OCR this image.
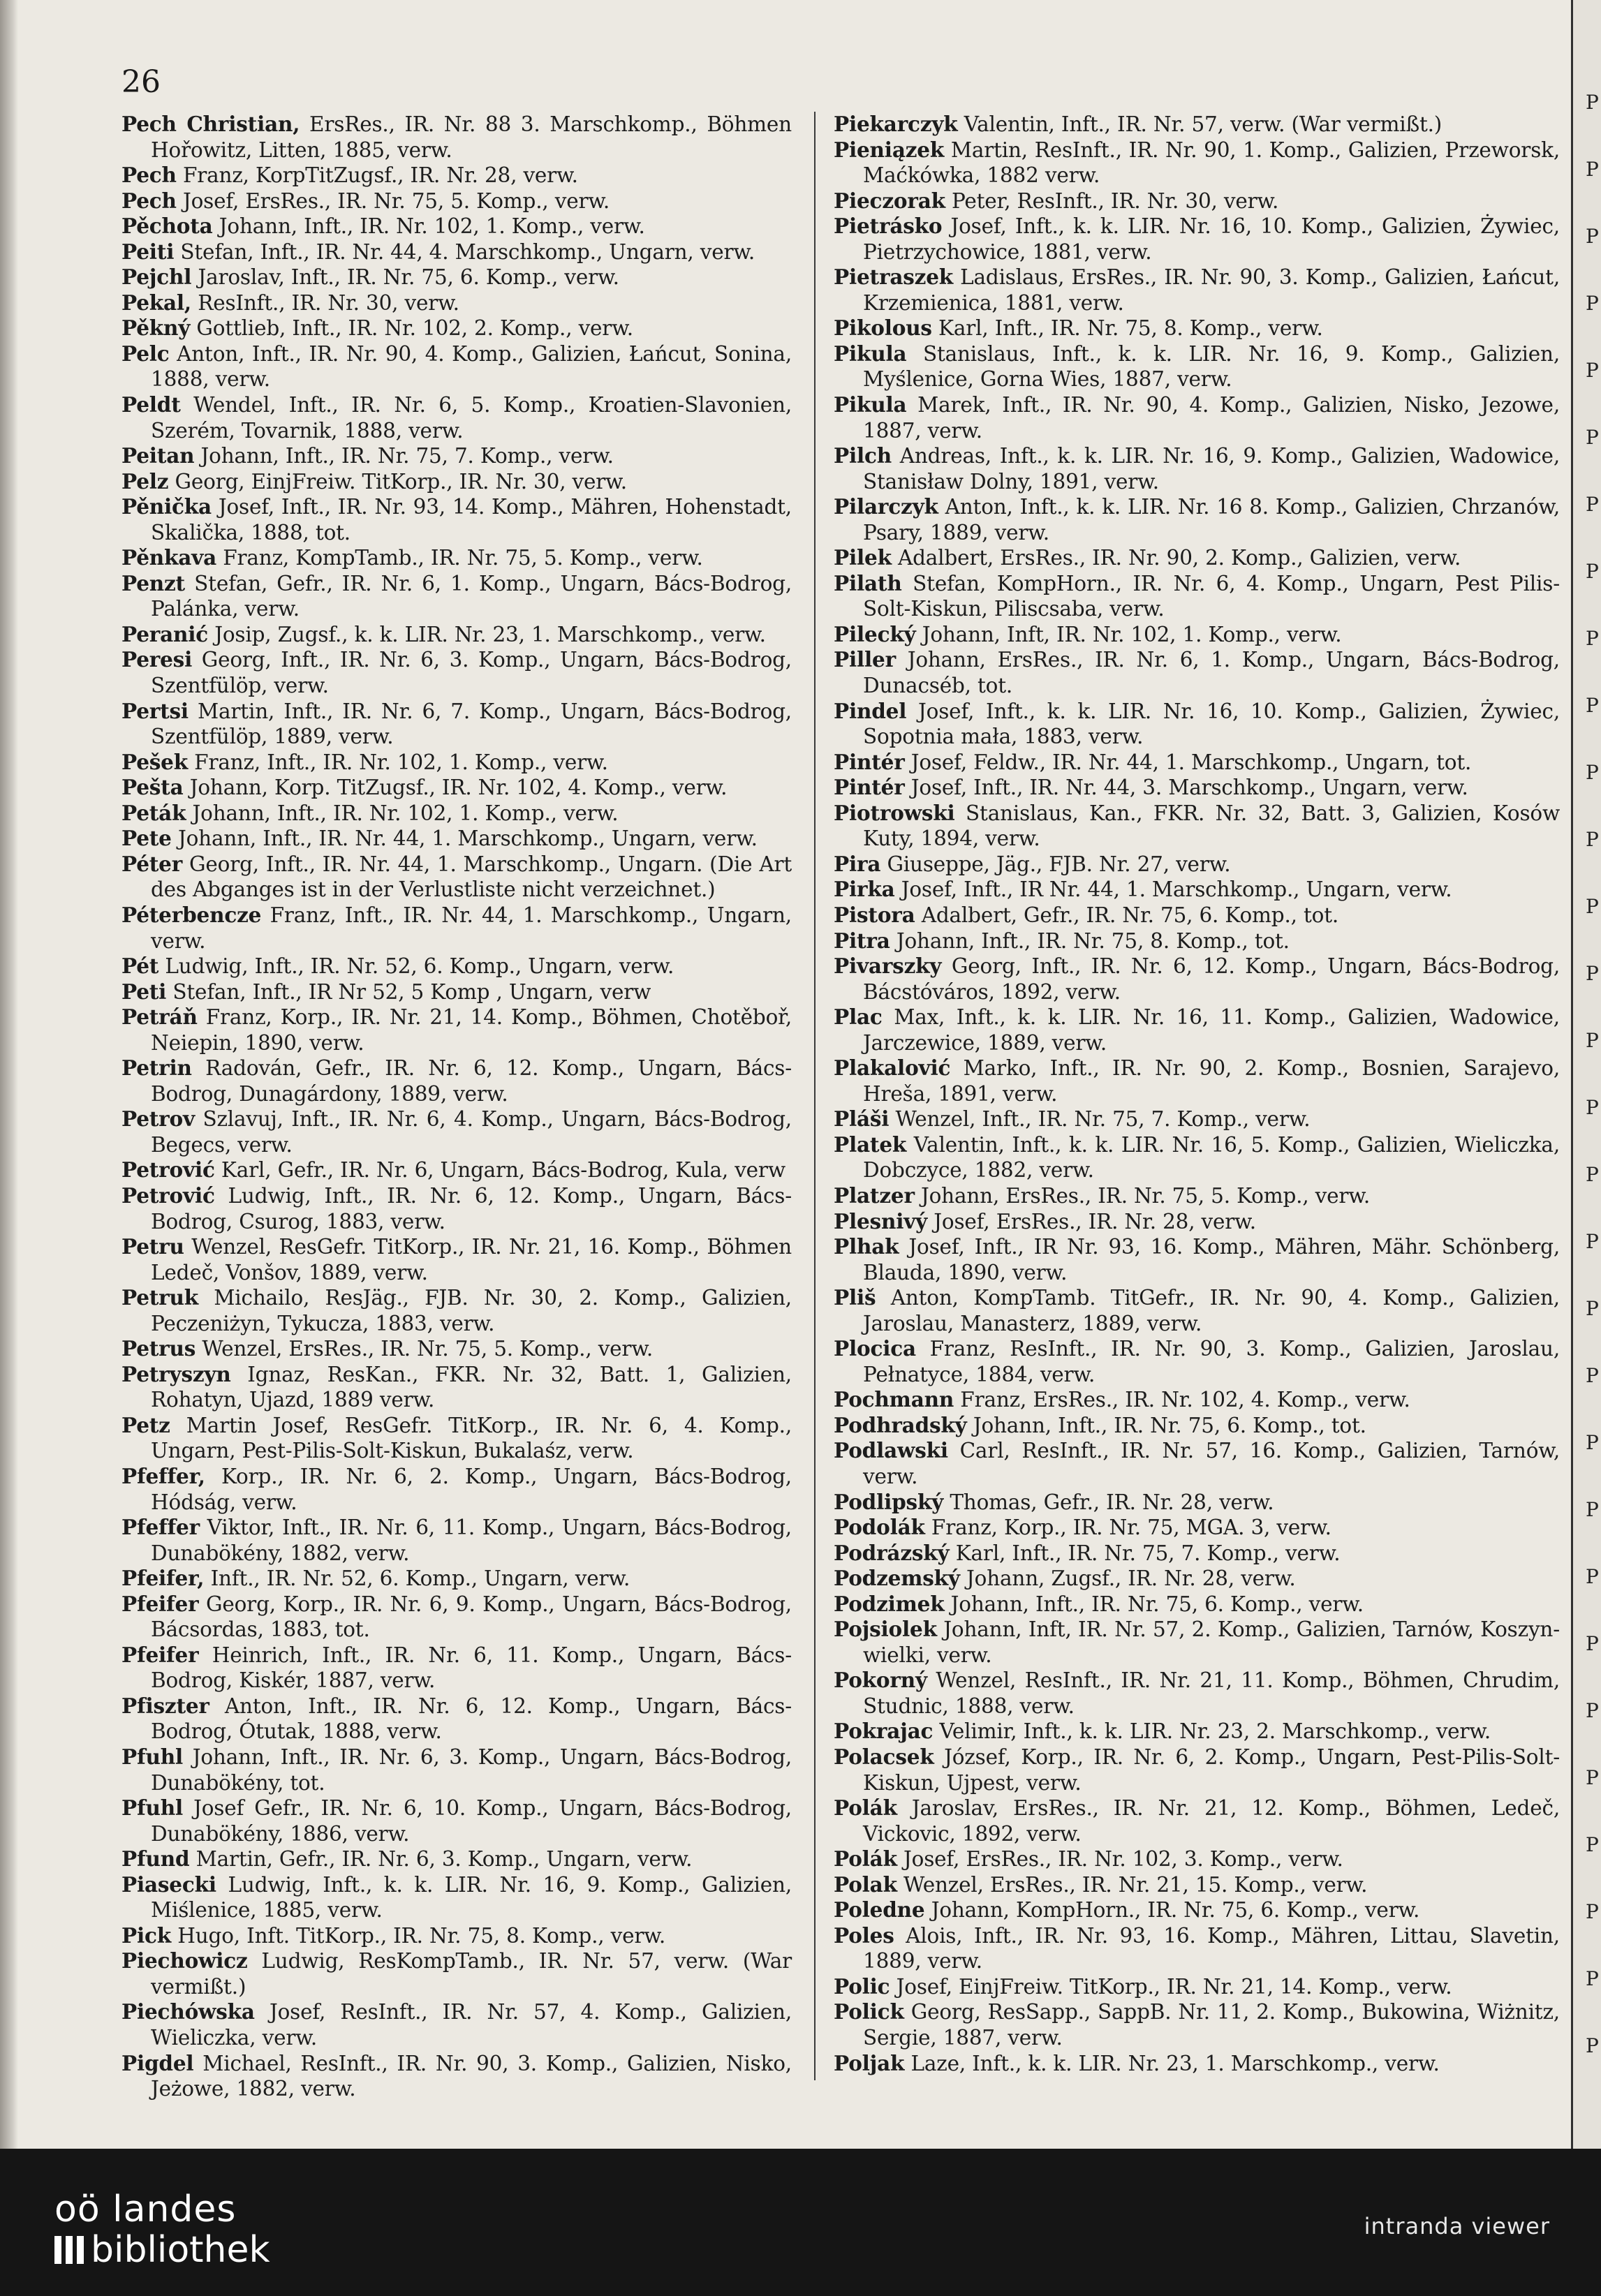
26
Pech Christian, ErsRes., IR. Nr. 88 3. Marschkomp., Böhmen Hořowitz, Litten, 1885, verw.
Pech Franz, KorpTitZugsf., IR. Nr. 28, verw.
Pech Josef, ErsRes., IR. Nr. 75, 5. Komp., verw.
Pěchota Johann, Inft., IR. Nr. 102, 1. Komp., verw.
Peiti Stefan, Inft., IR. Nr. 44, 4. Marschkomp., Ungarn, verw.
Pejchl Jaroslav, Inft., IR. Nr. 75, 6. Komp., verw.
Pekal, ResInft., IR. Nr. 30, verw.
Pěkný Gottlieb, Inft., IR. Nr. 102, 2. Komp., verw.
Pelc Anton, Inft., IR. Nr. 90, 4. Komp., Galizien, Łańcut, Sonina, 1888, verw.
Peldt Wendel, Inft., IR. Nr. 6, 5. Komp., Kroatien-Slavonien, Szerém, Tovarnik, 1888, verw.
Peitan Johann, Inft., IR. Nr. 75, 7. Komp., verw.
Pelz Georg, EinjFreiw. TitKorp., IR. Nr. 30, verw.
Pěnička Josef, Inft., IR. Nr. 93, 14. Komp., Mähren, Hohenstadt, Skalička, 1888, tot.
Pěnkava Franz, KompTamb., IR. Nr. 75, 5. Komp., verw.
Penzt Stefan, Gefr., IR. Nr. 6, 1. Komp., Ungarn, Bács-Bodrog, Palánka, verw.
Peranić Josip, Zugsf., k. k. LIR. Nr. 23, 1. Marschkomp., verw.
Peresi Georg, Inft., IR. Nr. 6, 3. Komp., Ungarn, Bács-Bodrog, Szentfülöp, verw.
Pertsi Martin, Inft., IR. Nr. 6, 7. Komp., Ungarn, Bács-Bodrog, Szentfülöp, 1889, verw.
Pešek Franz, Inft., IR. Nr. 102, 1. Komp., verw.
Pešta Johann, Korp. TitZugsf., IR. Nr. 102, 4. Komp., verw.
Peták Johann, Inft., IR. Nr. 102, 1. Komp., verw.
Pete Johann, Inft., IR. Nr. 44, 1. Marschkomp., Ungarn, verw.
Péter Georg, Inft., IR. Nr. 44, 1. Marschkomp., Ungarn. (Die Art des Abganges ist in der Verlustliste nicht verzeichnet.)
Péterbencze Franz, Inft., IR. Nr. 44, 1. Marschkomp., Ungarn, verw.
Pét Ludwig, Inft., IR. Nr. 52, 6. Komp., Ungarn, verw.
Peti Stefan, Inft., IR Nr 52, 5 Komp , Ungarn, verw
Petráň Franz, Korp., IR. Nr. 21, 14. Komp., Böhmen, Chotěboř, Neiepin, 1890, verw.
Petrin Radován, Gefr., IR. Nr. 6, 12. Komp., Ungarn, Bács-Bodrog, Dunagárdony, 1889, verw.
Petrov Szlavuj, Inft., IR. Nr. 6, 4. Komp., Ungarn, Bács-Bodrog, Begecs, verw.
Petrović Karl, Gefr., IR. Nr. 6, Ungarn, Bács-Bodrog, Kula, verw
Petrović Ludwig, Inft., IR. Nr. 6, 12. Komp., Ungarn, Bács-Bodrog, Csurog, 1883, verw.
Petru Wenzel, ResGefr. TitKorp., IR. Nr. 21, 16. Komp., Böhmen Ledeč, Vonšov, 1889, verw.
Petruk Michailo, ResJäg., FJB. Nr. 30, 2. Komp., Galizien, Peczeniżyn, Tykucza, 1883, verw.
Petrus Wenzel, ErsRes., IR. Nr. 75, 5. Komp., verw.
Petryszyn Ignaz, ResKan., FKR. Nr. 32, Batt. 1, Galizien, Rohatyn, Ujazd, 1889 verw.
Petz Martin Josef, ResGefr. TitKorp., IR. Nr. 6, 4. Komp., Ungarn, Pest-Pilis-Solt-Kiskun, Bukalaśz, verw.
Pfeffer, Korp., IR. Nr. 6, 2. Komp., Ungarn, Bács-Bodrog, Hódság, verw.
Pfeffer Viktor, Inft., IR. Nr. 6, 11. Komp., Ungarn, Bács-Bodrog, Dunabökény, 1882, verw.
Pfeifer, Inft., IR. Nr. 52, 6. Komp., Ungarn, verw.
Pfeifer Georg, Korp., IR. Nr. 6, 9. Komp., Ungarn, Bács-Bodrog, Bácsordas, 1883, tot.
Pfeifer Heinrich, Inft., IR. Nr. 6, 11. Komp., Ungarn, Bács-Bodrog, Kiskér, 1887, verw.
Pfiszter Anton, Inft., IR. Nr. 6, 12. Komp., Ungarn, Bács-Bodrog, Ótutak, 1888, verw.
Pfuhl Johann, Inft., IR. Nr. 6, 3. Komp., Ungarn, Bács-Bodrog, Dunabökény, tot.
Pfuhl Josef Gefr., IR. Nr. 6, 10. Komp., Ungarn, Bács-Bodrog, Dunabökény, 1886, verw.
Pfund Martin, Gefr., IR. Nr. 6, 3. Komp., Ungarn, verw.
Piasecki Ludwig, Inft., k. k. LIR. Nr. 16, 9. Komp., Galizien, Miślenice, 1885, verw.
Pick Hugo, Inft. TitKorp., IR. Nr. 75, 8. Komp., verw.
Piechowicz Ludwig, ResKompTamb., IR. Nr. 57, verw. (War vermißt.)
Piechówska Josef, ResInft., IR. Nr. 57, 4. Komp., Galizien, Wieliczka, verw.
Pigdel Michael, ResInft., IR. Nr. 90, 3. Komp., Galizien, Nisko, Jeżowe, 1882, verw.
Piekarczyk Valentin, Inft., IR. Nr. 57, verw. (War vermißt.)
Pieniązek Martin, ResInft., IR. Nr. 90, 1. Komp., Galizien, Przeworsk, Maćkówka, 1882 verw.
Pieczorak Peter, ResInft., IR. Nr. 30, verw.
Pietrásko Josef, Inft., k. k. LIR. Nr. 16, 10. Komp., Galizien, Żywiec, Pietrzychowice, 1881, verw.
Pietraszek Ladislaus, ErsRes., IR. Nr. 90, 3. Komp., Galizien, Łańcut, Krzemienica, 1881, verw.
Pikolous Karl, Inft., IR. Nr. 75, 8. Komp., verw.
Pikula Stanislaus, Inft., k. k. LIR. Nr. 16, 9. Komp., Galizien, Myślenice, Gorna Wies, 1887, verw.
Pikula Marek, Inft., IR. Nr. 90, 4. Komp., Galizien, Nisko, Jezowe, 1887, verw.
Pilch Andreas, Inft., k. k. LIR. Nr. 16, 9. Komp., Galizien, Wadowice, Stanisław Dolny, 1891, verw.
Pilarczyk Anton, Inft., k. k. LIR. Nr. 16 8. Komp., Galizien, Chrzanów, Psary, 1889, verw.
Pilek Adalbert, ErsRes., IR. Nr. 90, 2. Komp., Galizien, verw.
Pilath Stefan, KompHorn., IR. Nr. 6, 4. Komp., Ungarn, Pest Pilis-Solt-Kiskun, Piliscsaba, verw.
Pilecký Johann, Inft, IR. Nr. 102, 1. Komp., verw.
Piller Johann, ErsRes., IR. Nr. 6, 1. Komp., Ungarn, Bács-Bodrog, Dunacséb, tot.
Pindel Josef, Inft., k. k. LIR. Nr. 16, 10. Komp., Galizien, Żywiec, Sopotnia mała, 1883, verw.
Pintér Josef, Feldw., IR. Nr. 44, 1. Marschkomp., Ungarn, tot.
Pintér Josef, Inft., IR. Nr. 44, 3. Marschkomp., Ungarn, verw.
Piotrowski Stanislaus, Kan., FKR. Nr. 32, Batt. 3, Galizien, Kosów Kuty, 1894, verw.
Pira Giuseppe, Jäg., FJB. Nr. 27, verw.
Pirka Josef, Inft., IR Nr. 44, 1. Marschkomp., Ungarn, verw.
Pistora Adalbert, Gefr., IR. Nr. 75, 6. Komp., tot.
Pitra Johann, Inft., IR. Nr. 75, 8. Komp., tot.
Pivarszky Georg, Inft., IR. Nr. 6, 12. Komp., Ungarn, Bács-Bodrog, Bácstóváros, 1892, verw.
Plac Max, Inft., k. k. LIR. Nr. 16, 11. Komp., Galizien, Wadowice, Jarczewice, 1889, verw.
Plakalović Marko, Inft., IR. Nr. 90, 2. Komp., Bosnien, Sarajevo, Hreša, 1891, verw.
Pláši Wenzel, Inft., IR. Nr. 75, 7. Komp., verw.
Platek Valentin, Inft., k. k. LIR. Nr. 16, 5. Komp., Galizien, Wieliczka, Dobczyce, 1882, verw.
Platzer Johann, ErsRes., IR. Nr. 75, 5. Komp., verw.
Plesnivý Josef, ErsRes., IR. Nr. 28, verw.
Plhak Josef, Inft., IR Nr. 93, 16. Komp., Mähren, Mähr. Schönberg, Blauda, 1890, verw.
Pliš Anton, KompTamb. TitGefr., IR. Nr. 90, 4. Komp., Galizien, Jaroslau, Manasterz, 1889, verw.
Plocica Franz, ResInft., IR. Nr. 90, 3. Komp., Galizien, Jaroslau, Pełnatyce, 1884, verw.
Pochmann Franz, ErsRes., IR. Nr. 102, 4. Komp., verw.
Podhradský Johann, Inft., IR. Nr. 75, 6. Komp., tot.
Podlawski Carl, ResInft., IR. Nr. 57, 16. Komp., Galizien, Tarnów, verw.
Podlipský Thomas, Gefr., IR. Nr. 28, verw.
Podolák Franz, Korp., IR. Nr. 75, MGA. 3, verw.
Podrázský Karl, Inft., IR. Nr. 75, 7. Komp., verw.
Podzemský Johann, Zugsf., IR. Nr. 28, verw.
Podzimek Johann, Inft., IR. Nr. 75, 6. Komp., verw.
Pojsiolek Johann, Inft, IR. Nr. 57, 2. Komp., Galizien, Tarnów, Koszyn-wielki, verw.
Pokorný Wenzel, ResInft., IR. Nr. 21, 11. Komp., Böhmen, Chrudim, Studnic, 1888, verw.
Pokrajac Velimir, Inft., k. k. LIR. Nr. 23, 2. Marschkomp., verw.
Polacsek József, Korp., IR. Nr. 6, 2. Komp., Ungarn, Pest-Pilis-Solt-Kiskun, Ujpest, verw.
Polák Jaroslav, ErsRes., IR. Nr. 21, 12. Komp., Böhmen, Ledeč, Vickovic, 1892, verw.
Polák Josef, ErsRes., IR. Nr. 102, 3. Komp., verw.
Polak Wenzel, ErsRes., IR. Nr. 21, 15. Komp., verw.
Poledne Johann, KompHorn., IR. Nr. 75, 6. Komp., verw.
Poles Alois, Inft., IR. Nr. 93, 16. Komp., Mähren, Littau, Slavetin, 1889, verw.
Polic Josef, EinjFreiw. TitKorp., IR. Nr. 21, 14. Komp., verw.
Polick Georg, ResSapp., SappB. Nr. 11, 2. Komp., Bukowina, Wiżnitz, Sergie, 1887, verw.
Poljak Laze, Inft., k. k. LIR. Nr. 23, 1. Marschkomp., verw.
P
P
P
P
P
P
P
P
P
P
P
P
P
P
P
P
P
P
P
P
P
P
P
P
P
P
P
P
P
P
oö landes
bibliothek
intranda viewer
